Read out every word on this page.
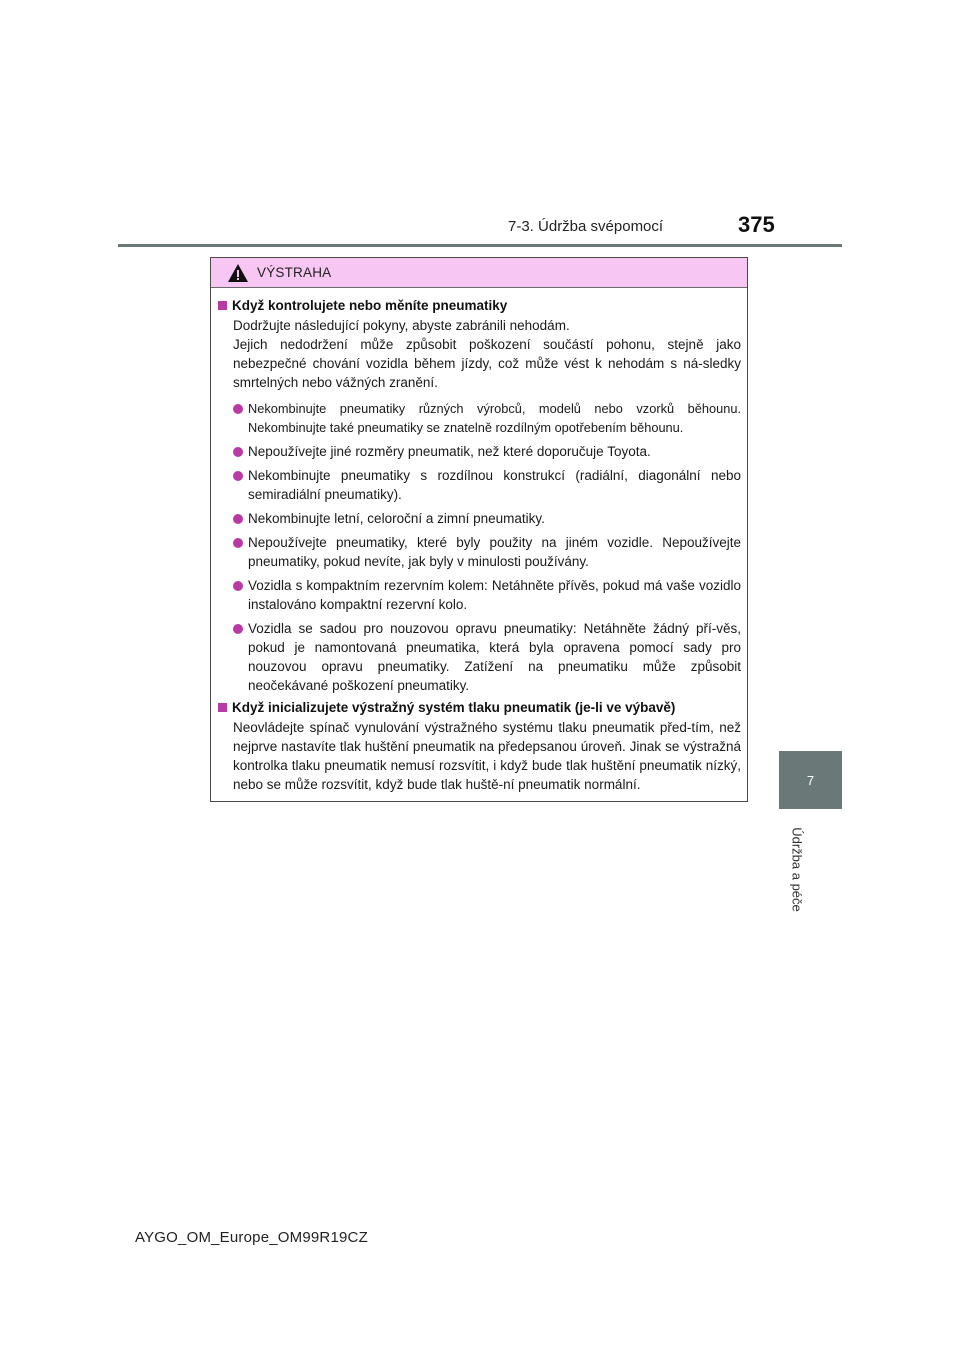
7-3. Údržba svépomocí	375
7
Údržba a péče
VÝSTRAHA
Když kontrolujete nebo měníte pneumatiky
Dodržujte následující pokyny, abyste zabránili nehodám.
Jejich nedodržení může způsobit poškození součástí pohonu, stejně jako nebezpečné chování vozidla během jízdy, což může vést k nehodám s ná-sledky smrtelných nebo vážných zranění.
Nekombinujte pneumatiky různých výrobců, modelů nebo vzorků běhounu. Nekombinujte také pneumatiky se znatelně rozdílným opotřebením běhounu.
Nepoužívejte jiné rozměry pneumatik, než které doporučuje Toyota.
Nekombinujte pneumatiky s rozdílnou konstrukcí (radiální, diagonální nebo semiradiální pneumatiky).
Nekombinujte letní, celoroční a zimní pneumatiky.
Nepoužívejte pneumatiky, které byly použity na jiném vozidle. Nepoužívejte pneumatiky, pokud nevíte, jak byly v minulosti používány.
Vozidla s kompaktním rezervním kolem: Netáhněte přívěs, pokud má vaše vozidlo instalováno kompaktní rezervní kolo.
Vozidla se sadou pro nouzovou opravu pneumatiky: Netáhněte žádný pří-věs, pokud je namontovaná pneumatika, která byla opravena pomocí sady pro nouzovou opravu pneumatiky. Zatížení na pneumatiku může způsobit neočekávané poškození pneumatiky.
Když inicializujete výstražný systém tlaku pneumatik (je-li ve výbavě)
Neovládejte spínač vynulování výstražného systému tlaku pneumatik před-tím, než nejprve nastavíte tlak huštění pneumatik na předepsanou úroveň. Jinak se výstražná kontrolka tlaku pneumatik nemusí rozsvítit, i když bude tlak huštění pneumatik nízký, nebo se může rozsvítit, když bude tlak huště-ní pneumatik normální.
AYGO_OM_Europe_OM99R19CZ
